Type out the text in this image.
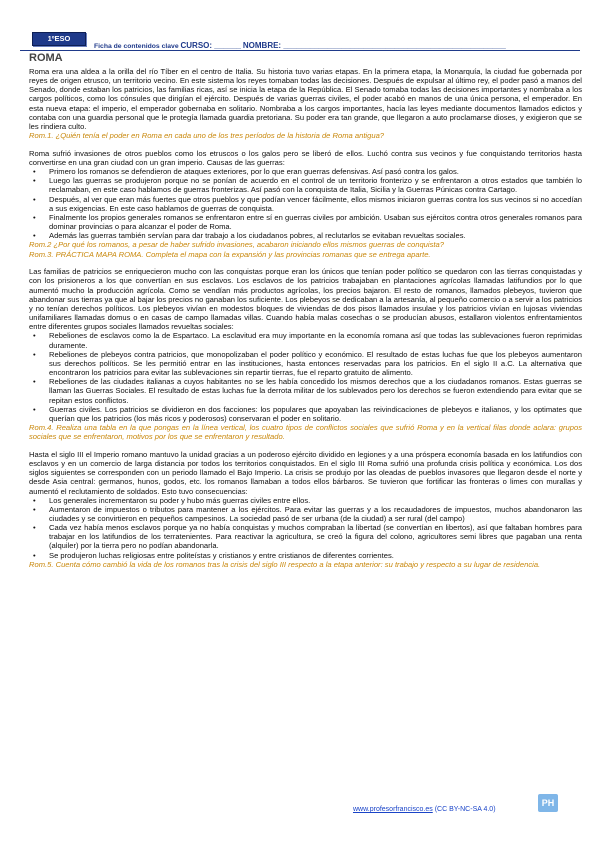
1ºESO
Ficha de contenidos clave CURSO: ______ NOMBRE: __________________________________________________
ROMA

Roma era una aldea a la orilla del río Tíber en el centro de Italia. Su historia tuvo varias etapas. En la primera etapa, la Monarquía, la ciudad fue gobernada por reyes de origen etrusco, un territorio vecino. En este sistema los reyes tomaban todas las decisiones. Después de expulsar al último rey, el poder pasó a manos del Senado, donde estaban los patricios, las familias ricas, así se inicia la etapa de la República. El Senado tomaba todas las decisiones importantes y nombraba a los cargos políticos, como los cónsules que dirigían el ejército. Después de varias guerras civiles, el poder acabó en manos de una única persona, el emperador. En esta nueva etapa: el imperio, el emperador gobernaba en solitario. Nombraba a los cargos importantes, hacía las leyes mediante documentos llamados edictos y contaba con una guardia personal que le protegía llamada guardia pretoriana. Su poder era tan grande, que llegaron a auto proclamarse dioses, y exigieron que se les rindiera culto.

Rom.1. ¿Quién tenía el poder en Roma en cada uno de los tres períodos de la historia de Roma antigua?

Roma sufrió invasiones de otros pueblos como los etruscos o los galos pero se liberó de ellos. Luchó contra sus vecinos y fue conquistando territorios hasta convertirse en una gran ciudad con un gran imperio. Causas de las guerras:

• Primero los romanos se defendieron de ataques exteriores, por lo que eran guerras defensivas. Así pasó contra los galos.
• Luego las guerras se produjeron porque no se ponían de acuerdo en el control de un territorio fronterizo y se enfrentaron a otros estados que también lo reclamaban, en este caso hablamos de guerras fronterizas. Así pasó con la conquista de Italia, Sicilia y la Guerras Púnicas contra Cartago.
• Después, al ver que eran más fuertes que otros pueblos y que podían vencer fácilmente, ellos mismos iniciaron guerras contra los sus vecinos si no accedían a sus exigencias. En este caso hablamos de guerras de conquista.
• Finalmente los propios generales romanos se enfrentaron entre sí en guerras civiles por ambición. Usaban sus ejércitos contra otros generales romanos para dominar provincias o para alcanzar el poder de Roma.
• Además las guerras también servían para dar trabajo a los ciudadanos pobres, al reclutarlos se evitaban revueltas sociales.

Rom.2 ¿Por qué los romanos, a pesar de haber sufrido invasiones, acabaron iniciando ellos mismos guerras de conquista?

Rom.3. PRÁCTICA MAPA ROMA. Completa el mapa con la expansión y las provincias romanas que se entrega aparte.

Las familias de patricios se enriquecieron mucho con las conquistas porque eran los únicos que tenían poder político se quedaron con las tierras conquistadas y con los prisioneros a los que convertían en sus esclavos. Los esclavos de los patricios trabajaban en plantaciones agrícolas llamadas latifundios por lo que aumentó mucho la producción agrícola. Como se vendían más productos agrícolas, los precios bajaron. El resto de romanos, llamados plebeyos, tuvieron que abandonar sus tierras ya que al bajar los precios no ganaban los suficiente. Los plebeyos se dedicaban a la artesanía, al pequeño comercio o a servir a los patricios y no tenían derechos políticos. Los plebeyos vivían en modestos bloques de viviendas de dos pisos llamados insulae y los patricios vivían en lujosas viviendas unifamiliares llamadas domus o en casas de campo llamadas villas. Cuando había malas cosechas o se producían abusos, estallaron violentos enfrentamientos entre diferentes grupos sociales llamados revueltas sociales:

• Rebeliones de esclavos como la de Espartaco. La esclavitud era muy importante en la economía romana así que todas las sublevaciones fueron reprimidas duramente.
• Rebeliones de plebeyos contra patricios, que monopolizaban el poder político y económico. El resultado de estas luchas fue que los plebeyos aumentaron sus derechos políticos. Se les permitió entrar en las instituciones, hasta entonces reservadas para los patricios. En el siglo II a.C. La alternativa que encontraron los patricios para evitar las sublevaciones sin repartir tierras, fue el reparto gratuito de alimento.
• Rebeliones de las ciudades italianas a cuyos habitantes no se les había concedido los mismos derechos que a los ciudadanos romanos. Estas guerras se llaman las Guerras Sociales. El resultado de estas luchas fue la derrota militar de los sublevados pero los derechos se fueron extendiendo para evitar que se repitan estos conflictos.
• Guerras civiles. Los patricios se dividieron en dos facciones: los populares que apoyaban las reivindicaciones de plebeyos e italianos, y los optimates que querían que los patricios (los más ricos y poderosos) conservaran el poder en solitario.

Rom.4. Realiza una tabla en la que pongas en la línea vertical, los cuatro tipos de conflictos sociales que sufrió Roma y en la vertical filas donde aclara: grupos sociales que se enfrentaron, motivos por los que se enfrentaron y resultado.

Hasta el siglo III el Imperio romano mantuvo la unidad gracias a un poderoso ejército dividido en legiones y a una próspera economía basada en los latifundios con esclavos y en un comercio de larga distancia por todos los territorios conquistados. En el siglo III Roma sufrió una profunda crisis política y económica. Los dos siglos siguientes se corresponden con un periodo llamado el Bajo Imperio. La crisis se produjo por las oleadas de pueblos invasores que llegaron desde el norte y desde Asia central: germanos, hunos, godos, etc. los romanos llamaban a todos ellos bárbaros. Se tuvieron que fortificar las fronteras o limes con murallas y aumentó el reclutamiento de soldados. Esto tuvo consecuencias:

• Los generales incrementaron su poder y hubo más guerras civiles entre ellos.
• Aumentaron de impuestos o tributos para mantener a los ejércitos. Para evitar las guerras y a los recaudadores de impuestos, muchos abandonaron las ciudades y se convirtieron en pequeños campesinos. La sociedad pasó de ser urbana (de la ciudad) a ser rural (del campo)
• Cada vez había menos esclavos porque ya no había conquistas y muchos compraban la libertad (se convertían en libertos), así que faltaban hombres para trabajar en los latifundios de los terratenientes. Para reactivar la agricultura, se creó la figura del colono, agricultores semi libres que pagaban una renta (alquiler) por la tierra pero no podían abandonarla.
• Se produjeron luchas religiosas entre politeístas y cristianos y entre cristianos de diferentes corrientes.

Rom.5. Cuenta cómo cambió la vida de los romanos tras la crisis del siglo III respecto a la etapa anterior: su trabajo y respecto a su lugar de residencia.

www.profesorfrancisco.es (CC BY-NC-SA 4.0)
PH
